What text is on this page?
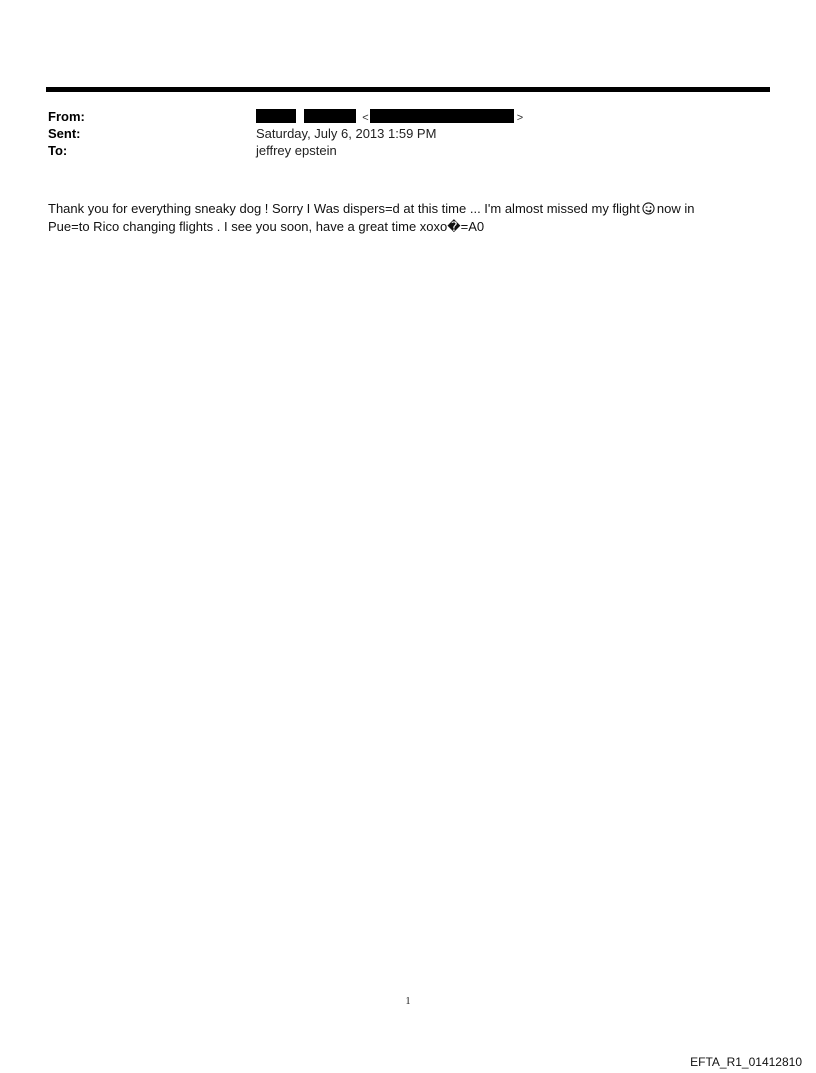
From:	<	>
Sent:	Saturday, July 6, 2013 1:59 PM
To:	jeffrey epstein
Thank you for everything sneaky dog ! Sorry I Was dispers=d at this time ... I'm almost missed my flight now in
Pue=to Rico changing flights . I see you soon, have a great time xoxo�=A0
1
EFTA_R1_01412810
